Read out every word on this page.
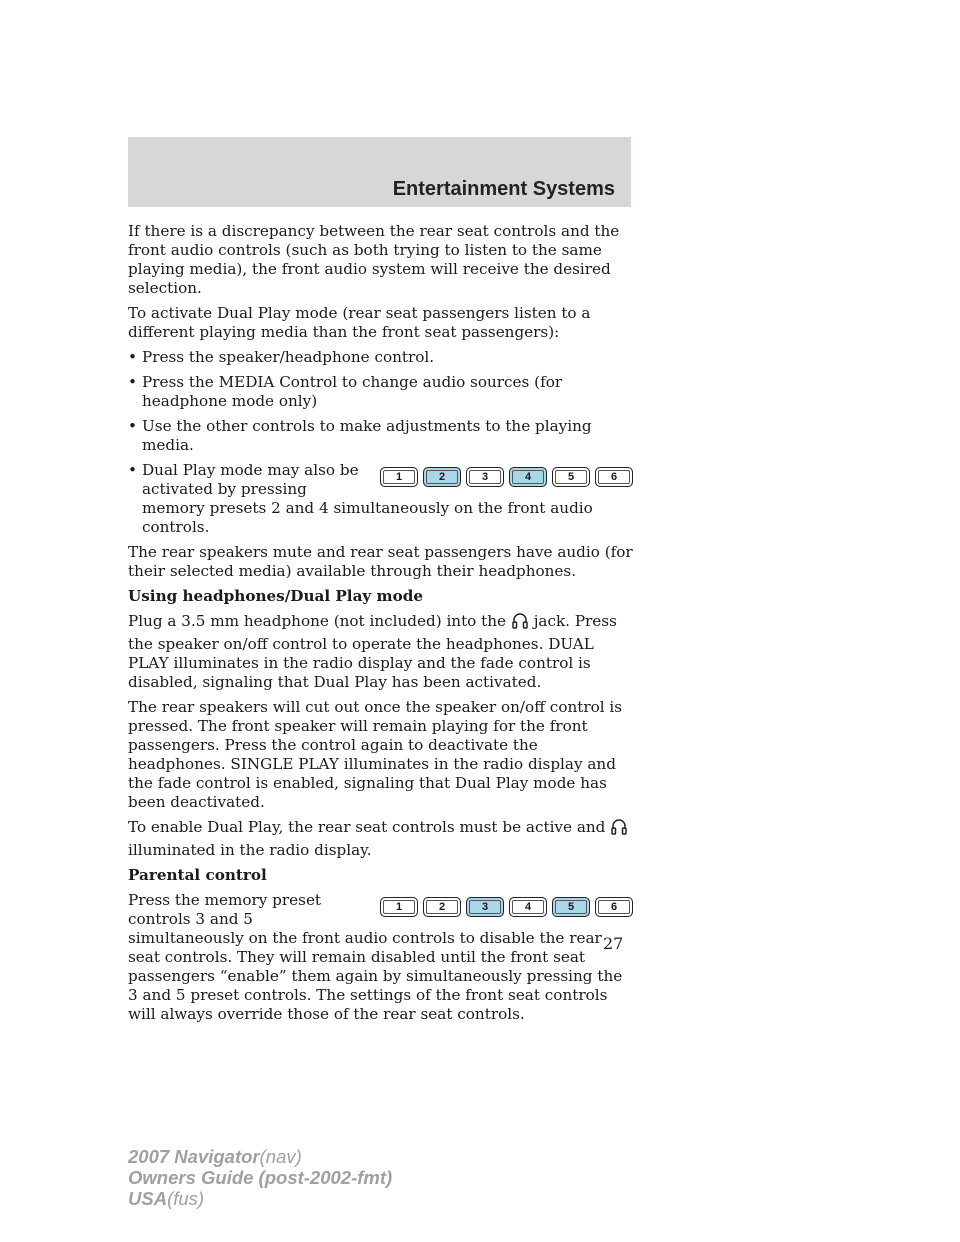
Entertainment Systems

If there is a discrepancy between the rear seat controls and the front audio controls (such as both trying to listen to the same playing media), the front audio system will receive the desired selection.

To activate Dual Play mode (rear seat passengers listen to a different playing media than the front seat passengers):

• Press the speaker/headphone control.
• Press the MEDIA Control to change audio sources (for headphone mode only)
• Use the other controls to make adjustments to the playing media.
• 1	2	3	4	5	6
Dual Play mode may also be activated by pressing memory presets 2 and 4 simultaneously on the front audio controls.

The rear speakers mute and rear seat passengers have audio (for their selected media) available through their headphones.

Using headphones/Dual Play mode

Plug a 3.5 mm headphone (not included) into the jack. Press the speaker on/off control to operate the headphones. DUAL PLAY illuminates in the radio display and the fade control is disabled, signaling that Dual Play has been activated.

The rear speakers will cut out once the speaker on/off control is pressed. The front speaker will remain playing for the front passengers. Press the control again to deactivate the headphones. SINGLE PLAY illuminates in the radio display and the fade control is enabled, signaling that Dual Play mode has been deactivated.

To enable Dual Play, the rear seat controls must be active and  illuminated in the radio display.

Parental control

1	2	3	4	5	6
Press the memory preset controls 3 and 5 simultaneously on the front audio controls to disable the rear seat controls. They will remain disabled until the front seat passengers “enable” them again by simultaneously pressing the 3 and 5 preset controls. The settings of the front seat controls will always override those of the rear seat controls.

27
2007 Navigator(nav)
Owners Guide (post-2002-fmt)
USA(fus)
